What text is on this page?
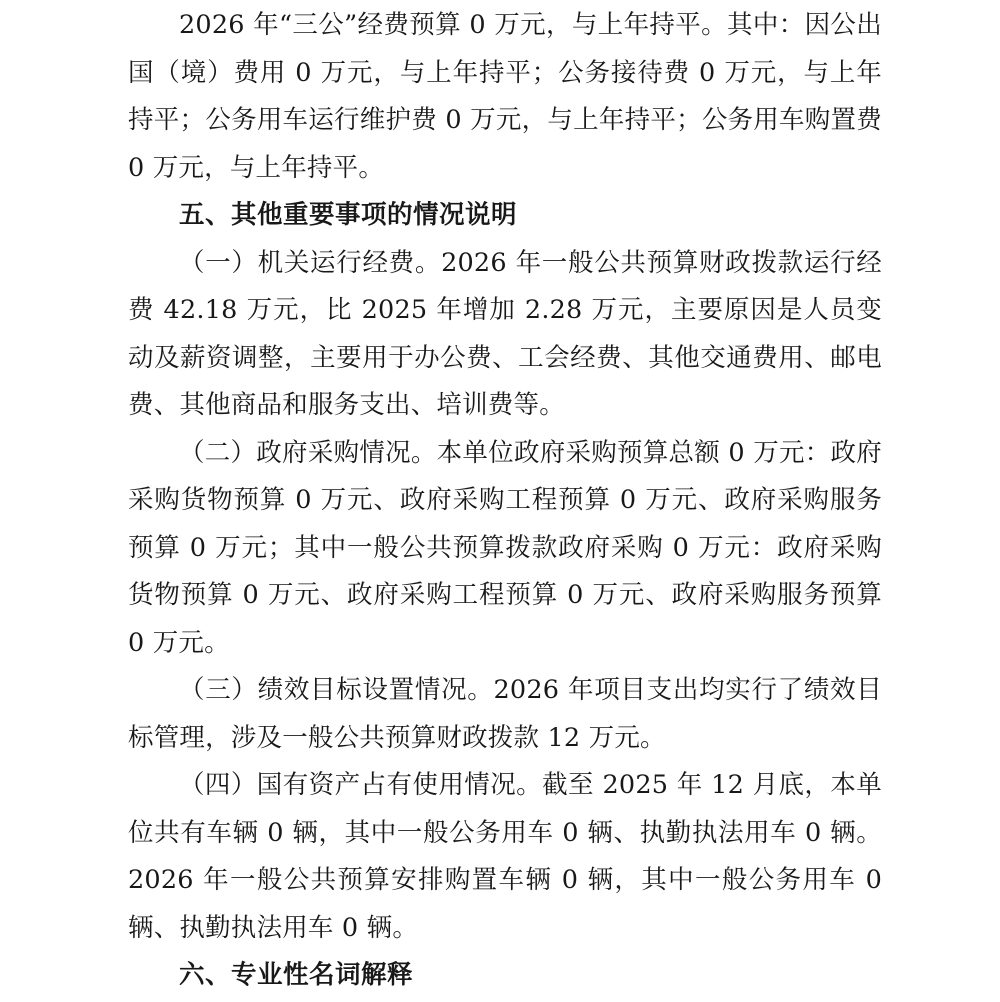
2026 年“三公”经费预算 0 万元，与上年持平。其中：因公出国（境）费用 0 万元，与上年持平；公务接待费 0 万元，与上年持平；公务用车运行维护费 0 万元，与上年持平；公务用车购置费 0 万元，与上年持平。

五、其他重要事项的情况说明

（一）机关运行经费。2026 年一般公共预算财政拨款运行经费 42.18 万元，比 2025 年增加 2.28 万元，主要原因是人员变动及薪资调整，主要用于办公费、工会经费、其他交通费用、邮电费、其他商品和服务支出、培训费等。

（二）政府采购情况。本单位政府采购预算总额 0 万元：政府采购货物预算 0 万元、政府采购工程预算 0 万元、政府采购服务预算 0 万元；其中一般公共预算拨款政府采购 0 万元：政府采购货物预算 0 万元、政府采购工程预算 0 万元、政府采购服务预算 0 万元。

（三）绩效目标设置情况。2026 年项目支出均实行了绩效目标管理，涉及一般公共预算财政拨款 12 万元。

（四）国有资产占有使用情况。截至 2025 年 12 月底，本单位共有车辆 0 辆，其中一般公务用车 0 辆、执勤执法用车 0 辆。2026 年一般公共预算安排购置车辆 0 辆，其中一般公务用车 0 辆、执勤执法用车 0 辆。

六、专业性名词解释
